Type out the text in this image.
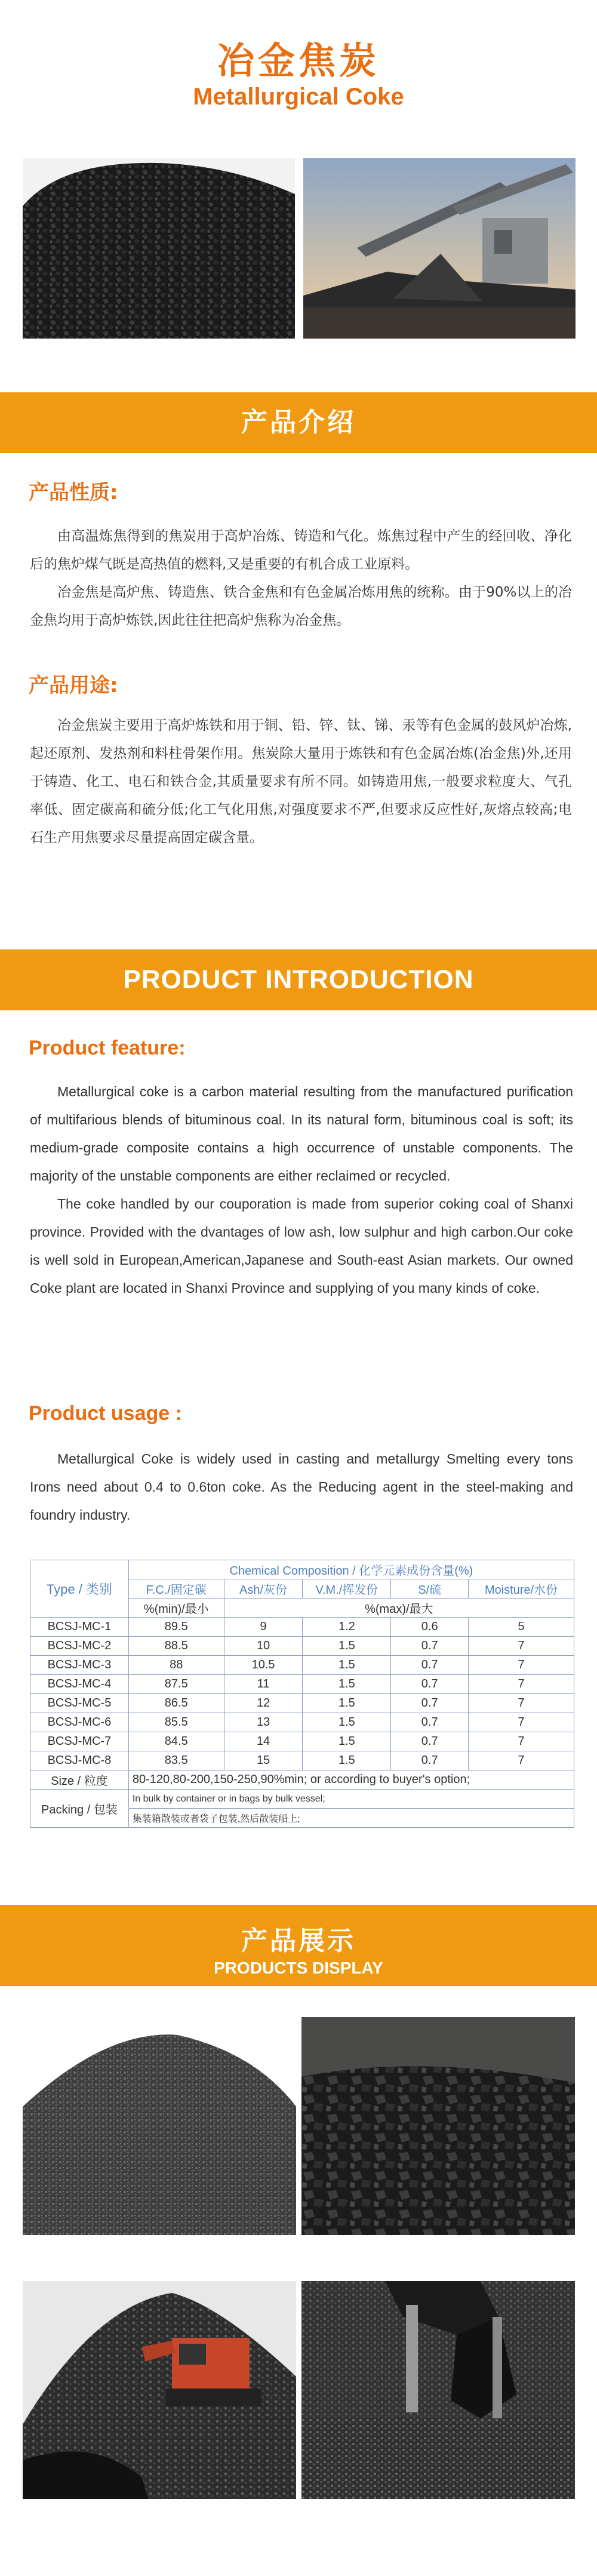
冶金焦炭
Metallurgical Coke
产品介绍
产品性质:

由高温炼焦得到的焦炭用于高炉冶炼、铸造和气化。炼焦过程中产生的经回收、净化后的焦炉煤气既是高热值的燃料,又是重要的有机合成工业原料。

冶金焦是高炉焦、铸造焦、铁合金焦和有色金属冶炼用焦的统称。由于90%以上的冶金焦均用于高炉炼铁,因此往往把高炉焦称为冶金焦。

产品用途:

冶金焦炭主要用于高炉炼铁和用于铜、铅、锌、钛、锑、汞等有色金属的鼓风炉冶炼,起还原剂、发热剂和料柱骨架作用。焦炭除大量用于炼铁和有色金属冶炼(冶金焦)外,还用于铸造、化工、电石和铁合金,其质量要求有所不同。如铸造用焦,一般要求粒度大、气孔率低、固定碳高和硫分低;化工气化用焦,对强度要求不严,但要求反应性好,灰熔点较高;电石生产用焦要求尽量提高固定碳含量。

PRODUCT INTRODUCTION
Product feature:

Metallurgical coke is a carbon material resulting from the manufactured purification of multifarious blends of bituminous coal. In its natural form, bituminous coal is soft; its medium-grade composite contains a high occurrence of unstable components. The majority of the unstable components are either reclaimed or recycled.

The coke handled by our couporation is made from superior coking coal of Shanxi province. Provided with the dvantages of low ash, low sulphur and high carbon.Our coke is well sold in European,American,Japanese and South-east Asian markets. Our owned Coke plant are located in Shanxi Province and supplying of you many kinds of coke.

Product usage :

Metallurgical Coke is widely used in casting and metallurgy Smelting every tons Irons need about 0.4 to 0.6ton coke. As the Reducing agent in the steel-making and foundry industry.

Type / 类别	Chemical Composition / 化学元素成份含量(%)				
	F.C./固定碳	Ash/灰份	V.M./挥发份	S/硫	Moisture/水份
	%(min)/最小	%(max)/最大			
BCSJ-MC-1	89.5	9	1.2	0.6	5
BCSJ-MC-2	88.5	10	1.5	0.7	7
BCSJ-MC-3	88	10.5	1.5	0.7	7
BCSJ-MC-4	87.5	11	1.5	0.7	7
BCSJ-MC-5	86.5	12	1.5	0.7	7
BCSJ-MC-6	85.5	13	1.5	0.7	7
BCSJ-MC-7	84.5	14	1.5	0.7	7
BCSJ-MC-8	83.5	15	1.5	0.7	7
Size / 粒度	80-120,80-200,150-250,90%min; or according to buyer's option;				
Packing / 包装	In bulk by container or in bags by bulk vessel;				
	集装箱散装或者袋子包装,然后散装船上;				
产品展示
PRODUCTS DISPLAY
